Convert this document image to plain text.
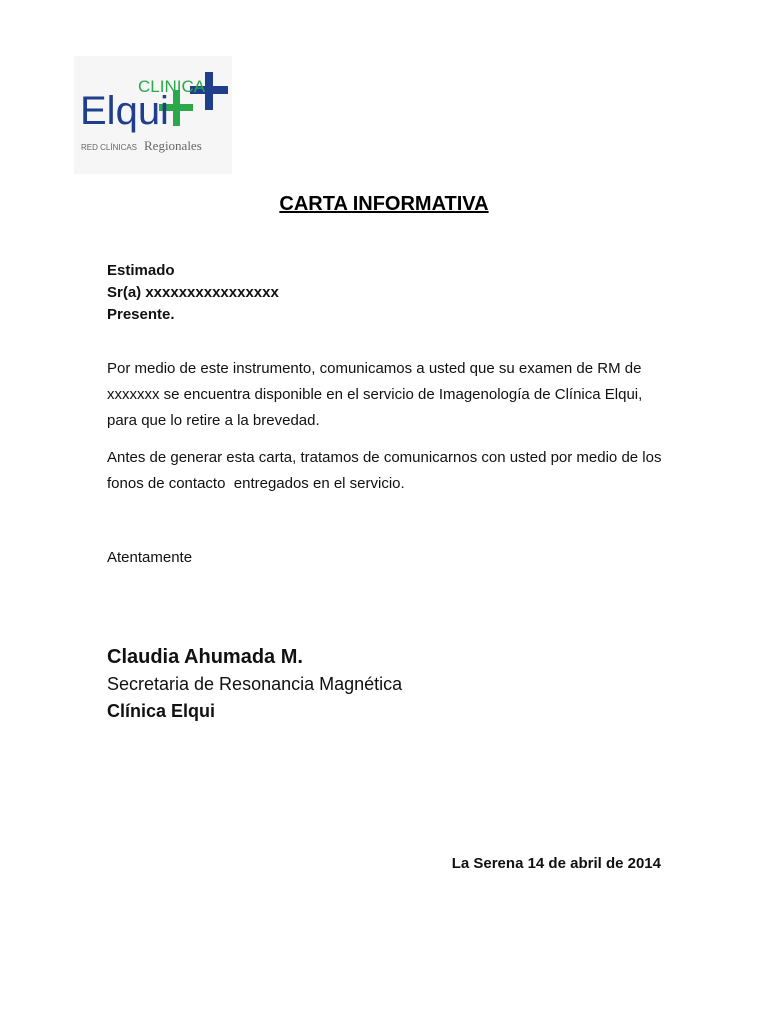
CLINICA
Elqui
RED CLÍNICAS Regionales
CARTA INFORMATIVA
Estimado
Sr(a) xxxxxxxxxxxxxxxx
Presente.

Por medio de este instrumento, comunicamos a usted que su examen de RM de xxxxxxx se encuentra disponible en el servicio de Imagenología de Clínica Elqui, para que lo retire a la brevedad.

Antes de generar esta carta, tratamos de comunicarnos con usted por medio de los fonos de contacto  entregados en el servicio.

Atentamente
Claudia Ahumada M.
Secretaria de Resonancia Magnética
Clínica Elqui
La Serena 14 de abril de 2014
